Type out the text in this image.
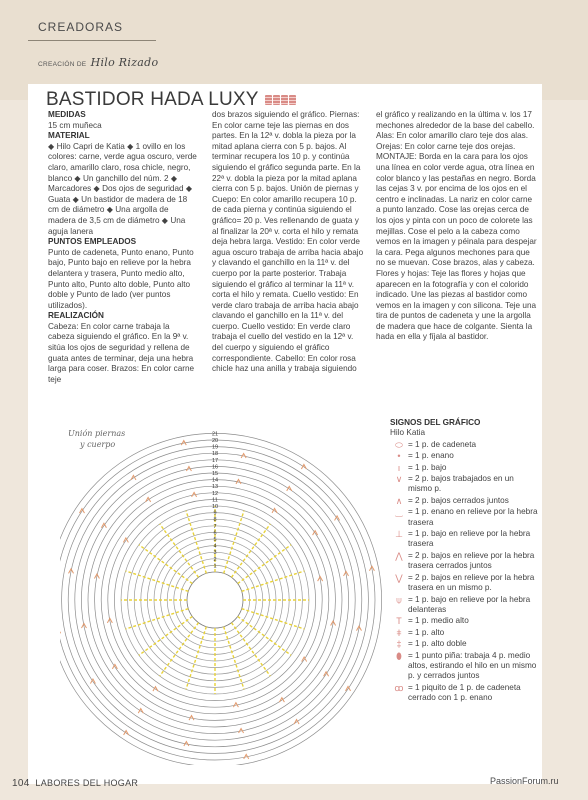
CREADORAS
CREACIÓN DE Hilo Rizado
BASTIDOR HADA LUXY

MEDIDAS

15 cm muñeca

MATERIAL

◆ Hilo Capri de Katia ◆ 1 ovillo en los colores: carne, verde agua oscuro, verde claro, amarillo claro, rosa chicle, negro, blanco ◆ Un ganchillo del núm. 2 ◆ Marcadores ◆ Dos ojos de seguridad ◆ Guata ◆ Un bastidor de madera de 18 cm de diámetro ◆ Una argolla de madera de 3,5 cm de diámetro ◆ Una aguja lanera

PUNTOS EMPLEADOS

Punto de cadeneta, Punto enano, Punto bajo, Punto bajo en relieve por la hebra delantera y trasera, Punto medio alto, Punto alto, Punto alto doble, Punto alto doble y Punto de lado (ver puntos utilizados).

REALIZACIÓN

Cabeza: En color carne trabaja la cabeza siguiendo el gráfico. En la 9ª v. sitúa los ojos de seguridad y rellena de guata antes de terminar, deja una hebra larga para coser. Brazos: En color carne teje

dos brazos siguiendo el gráfico. Piernas: En color carne teje las piernas en dos partes. En la 12ª v. dobla la pieza por la mitad aplana cierra con 5 p. bajos. Al terminar recupera los 10 p. y continúa siguiendo el gráfico segunda parte. En la 22ª v. dobla la pieza por la mitad aplana cierra con 5 p. bajos. Unión de piernas y Cuepo: En color amarillo recupera 10 p. de cada pierna y continúa siguiendo el gráfico= 20 p. Ves rellenando de guata y al finalizar la 20ª v. corta el hilo y remata deja hebra larga. Vestido: En color verde agua oscuro trabaja de arriba hacia abajo y clavando el ganchillo en la 11ª v. del cuerpo por la parte posterior. Trabaja siguiendo el gráfico al terminar la 11ª v. corta el hilo y remata. Cuello vestido: En verde claro trabaja de arriba hacia abajo clavando el ganchillo en la 11ª v. del cuerpo. Cuello vestido: En verde claro trabaja el cuello del vestido en la 12ª v. del cuerpo y siguiendo el gráfico correspondiente. Cabello: En color rosa chicle haz una anilla y trabaja siguiendo

el gráfico y realizando en la última v. los 17 mechones alrededor de la base del cabello. Alas: En color amarillo claro teje dos alas. Orejas: En color carne teje dos orejas. MONTAJE: Borda en la cara para los ojos una línea en color verde agua, otra línea en color blanco y las pestañas en negro. Borda las cejas 3 v. por encima de los ojos en el centro e inclinadas. La nariz en color carne a punto lanzado. Cose las orejas cerca de los ojos y pinta con un poco de colorete las mejillas. Cose el pelo a la cabeza como vemos en la imagen y péinala para despejar la cara. Pega algunos mechones para que no se muevan. Cose brazos, alas y cabeza. Flores y hojas: Teje las flores y hojas que aparecen en la fotografía y con el colorido indicado. Une las piezas al bastidor como vemos en la imagen y con silicona. Teje una tira de puntos de cadeneta y une la argolla de madera que hace de colgante. Sienta la hada en ella y fíjala al bastidor.

Unión piernas
y cuerpo
1
2
3
4
5
6
7
8
9
10
11
12
13
14
15
16
17
18
19
20
21
SIGNOS DEL GRÁFICO
Hilo Katia
⬭ = 1 p. de cadeneta
• = 1 p. enano
ı = 1 p. bajo
∨ = 2 p. bajos trabajados en un mismo p.
∧ = 2 p. bajos cerrados juntos
‿ = 1 p. enano en relieve por la hebra trasera
⊥ = 1 p. bajo en relieve por la hebra trasera
⋀ = 2 p. bajos en relieve por la hebra trasera cerrados juntos
⋁ = 2 p. bajos en relieve por la hebra trasera en un mismo p.
⍦ = 1 p. bajo en relieve por la hebra delanteras
T = 1 p. medio alto
ǂ = 1 p. alto
‡ = 1 p. alto doble
⬮ = 1 punto piña: trabaja 4 p. medio altos, estirando el hilo en un mismo p. y cerrados juntos
ꝏ = 1 piquito de 1 p. de cadeneta cerrado con 1 p. enano
104 LABORES DEL HOGAR	PassionForum.ru
